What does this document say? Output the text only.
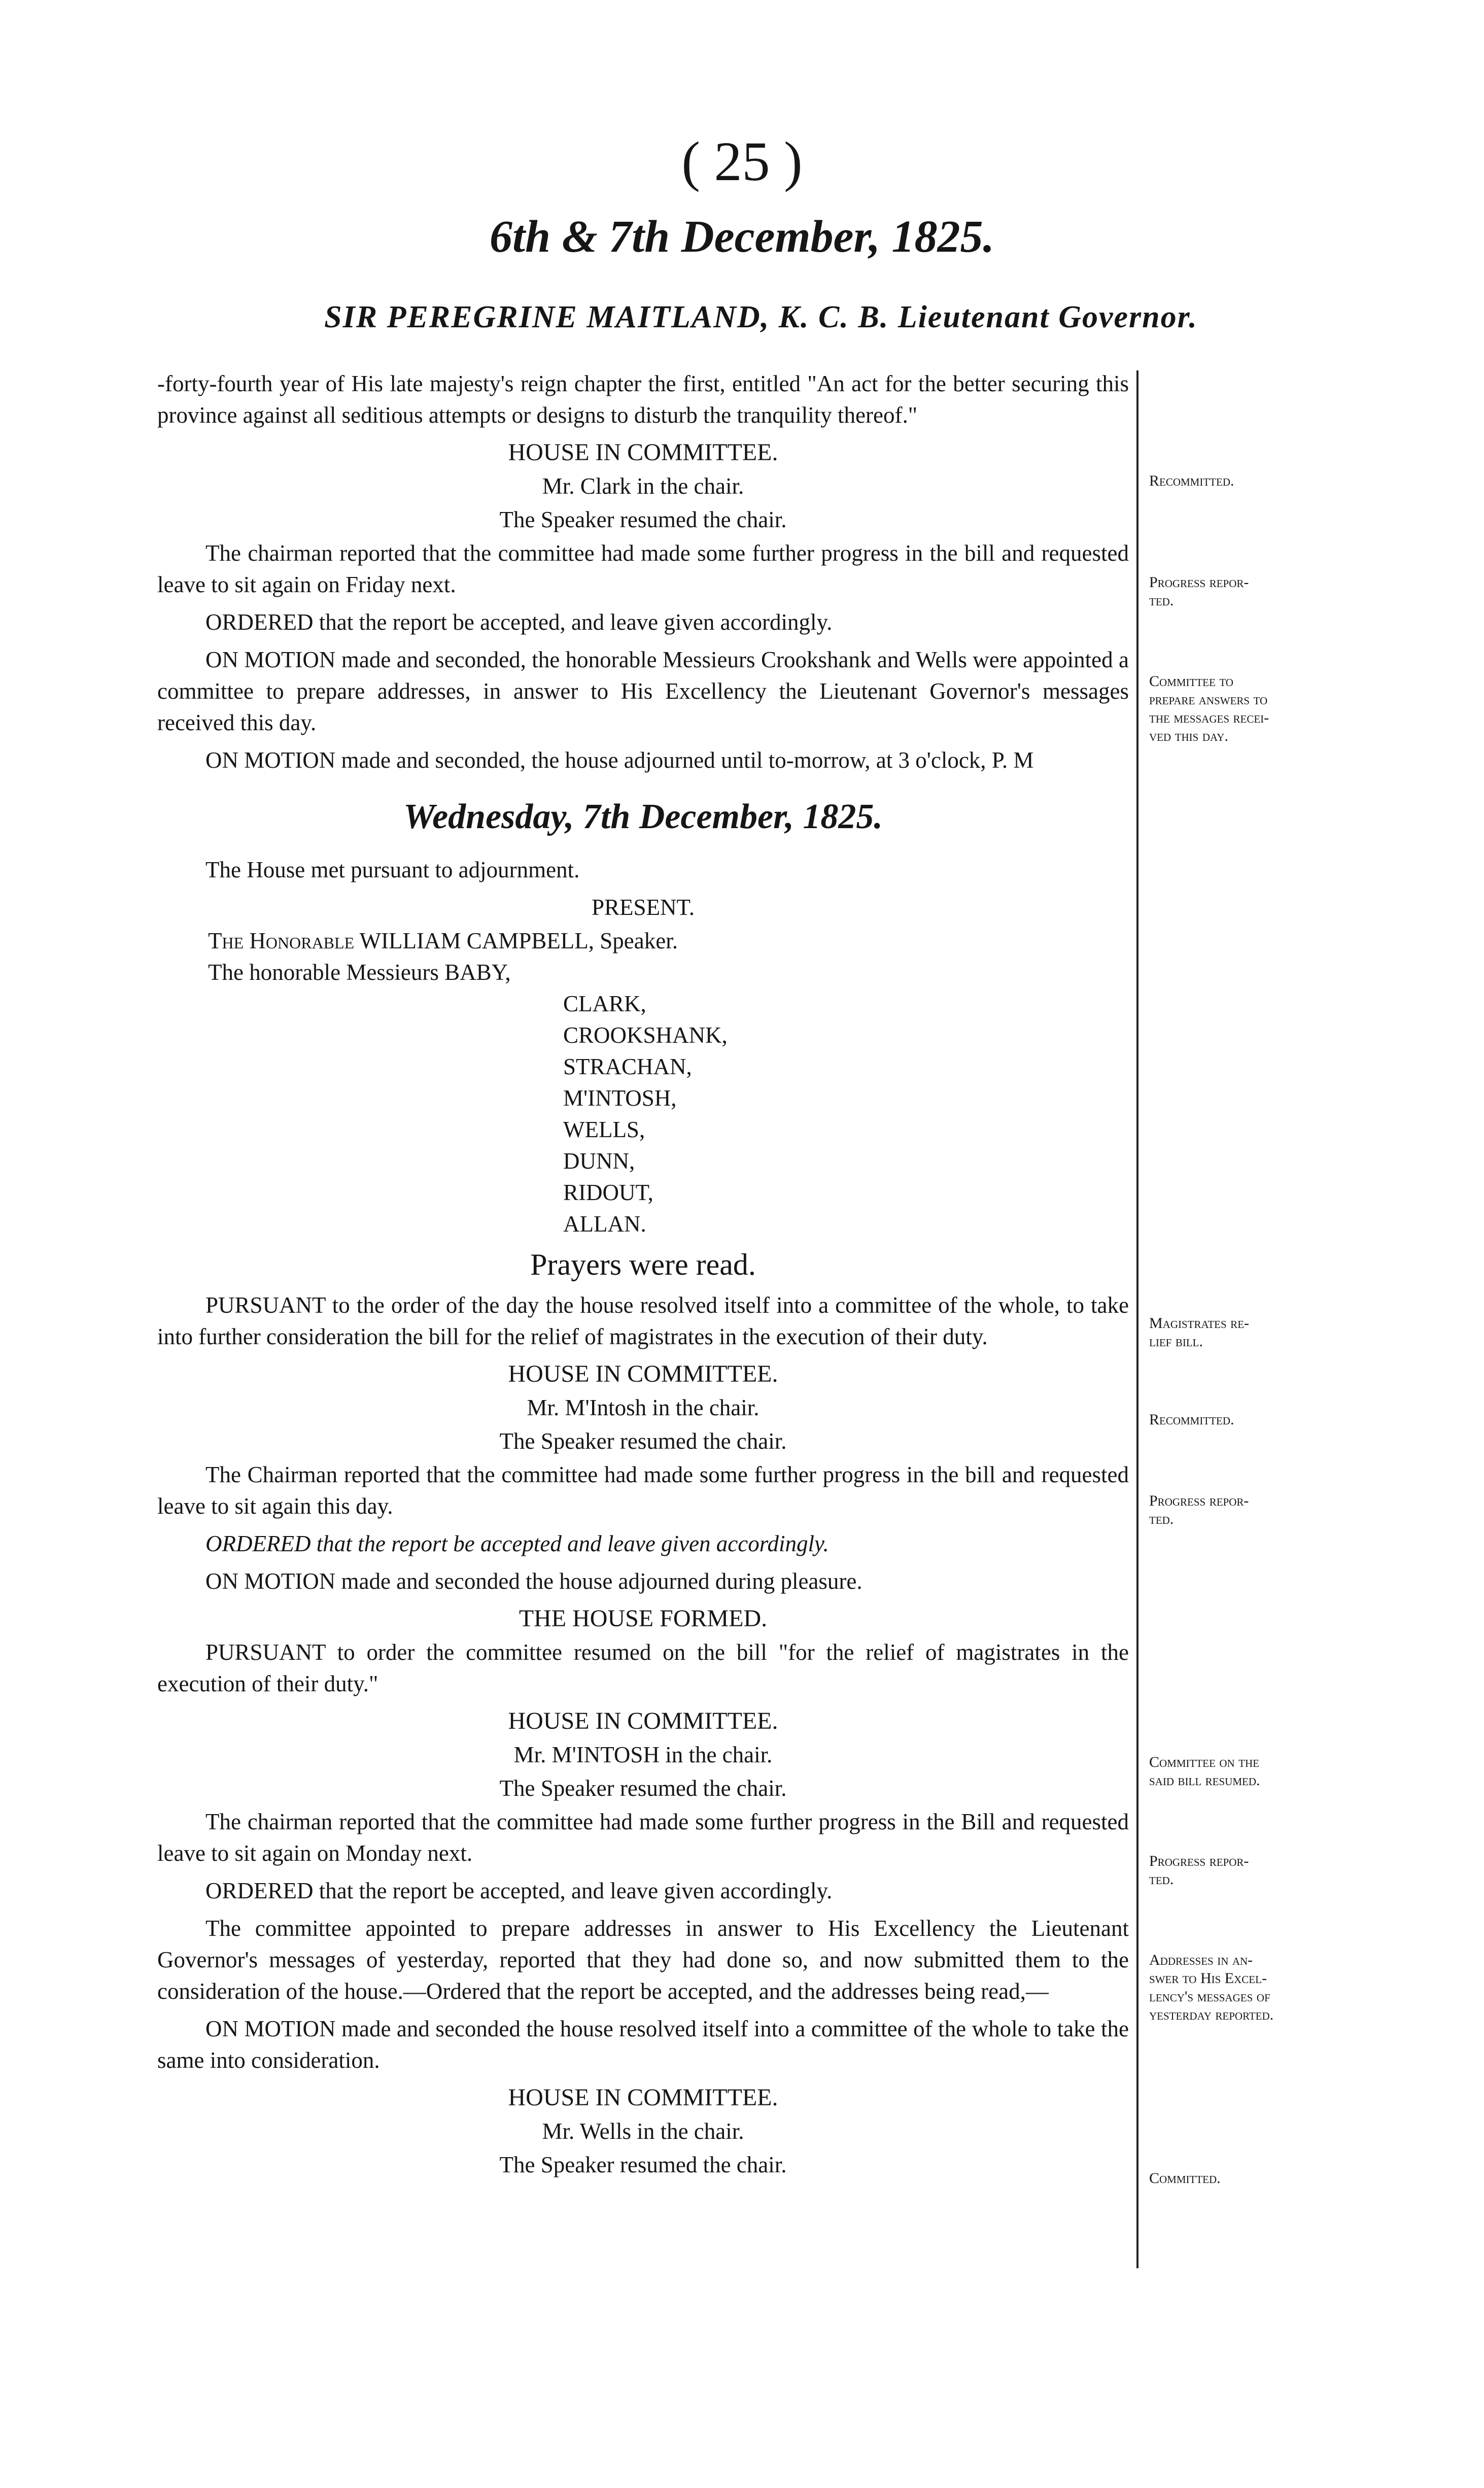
( 25 )
6th & 7th December, 1825.
SIR PEREGRINE MAITLAND, K. C. B. Lieutenant Governor.

-forty-fourth year of His late majesty's reign chapter the first, entitled "An act for the better securing this province against all seditious attempts or designs to disturb the tranquility thereof."

HOUSE IN COMMITTEE.
Mr. Clark in the chair.
The Speaker resumed the chair.

The chairman reported that the committee had made some further progress in the bill and requested leave to sit again on Friday next.

ORDERED that the report be accepted, and leave given accordingly.

ON MOTION made and seconded, the honorable Messieurs Crookshank and Wells were appointed a committee to prepare addresses, in answer to His Excellency the Lieutenant Governor's messages received this day.

ON MOTION made and seconded, the house adjourned until to-morrow, at 3 o'clock, P. M

Wednesday, 7th December, 1825.

The House met pursuant to adjournment.

PRESENT.
The Honorable WILLIAM CAMPBELL, Speaker.
The honorable Messieurs BABY,
CLARK,
CROOKSHANK,
STRACHAN,
M'INTOSH,
WELLS,
DUNN,
RIDOUT,
ALLAN.
Prayers were read.

PURSUANT to the order of the day the house resolved itself into a committee of the whole, to take into further consideration the bill for the relief of magistrates in the execution of their duty.

HOUSE IN COMMITTEE.
Mr. M'Intosh in the chair.
The Speaker resumed the chair.

The Chairman reported that the committee had made some further progress in the bill and requested leave to sit again this day.

ORDERED that the report be accepted and leave given accordingly.

ON MOTION made and seconded the house adjourned during pleasure.

THE HOUSE FORMED.

PURSUANT to order the committee resumed on the bill "for the relief of magistrates in the execution of their duty."

HOUSE IN COMMITTEE.
Mr. M'INTOSH in the chair.
The Speaker resumed the chair.

The chairman reported that the committee had made some further progress in the Bill and requested leave to sit again on Monday next.

ORDERED that the report be accepted, and leave given accordingly.

The committee appointed to prepare addresses in answer to His Excellency the Lieutenant Governor's messages of yesterday, reported that they had done so, and now submitted them to the consideration of the house.—Ordered that the report be accepted, and the addresses being read,—

ON MOTION made and seconded the house resolved itself into a committee of the whole to take the same into consideration.

HOUSE IN COMMITTEE.
Mr. Wells in the chair.
The Speaker resumed the chair.
Recommitted.
Progress repor-
ted.
Committee to
prepare answers to
the messages recei-
ved this day.
Magistrates re-
lief bill.
Recommitted.
Progress repor-
ted.
Committee on the
said bill resumed.
Progress repor-
ted.
Addresses in an-
swer to His Excel-
lency's messages of
yesterday reported.
Committed.
